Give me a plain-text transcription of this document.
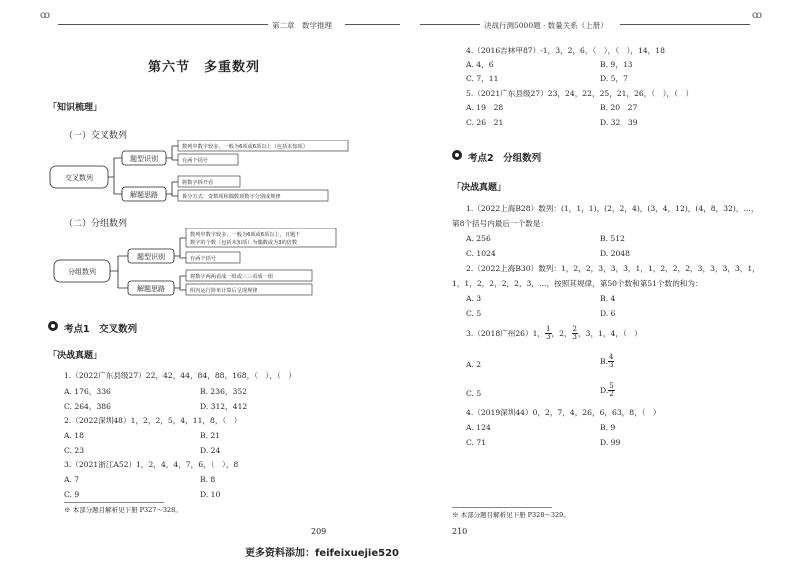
ꝏ
第二章　数学推理	决战行测5000题 · 数量关系（上册）
ꝏ
第六节　多重数列
「知识梳理」
（一）交叉数列
交叉数列
题型识别
解题思路
数列中数字较多，一般为6项或6项以上（包括未知项）
有两个括号
将数字拆开看
拆分方式：奇数项和偶数项数字分别成规律
（二）分组数列
分组数列
题型识别
解题思路
数列中数字较多，一般为6项或6项以上，且题干
数字的个数（包括未知项）为偶数或为3的倍数
有两个括号
将数字两两看成一组或三三看成一组
组内运行简单计算后呈现规律
考点1　交叉数列
「决战真题」
1.（2022广东县级27）22，42，44，84，88，168，（　），（　）
A. 176，336	B. 236，352
C. 264，386	D. 312，412
2.（2022深圳48）1，2，2，5，4，11，8，（　）
A. 18	B. 21
C. 23	D. 24
3.（2021浙江A52）1，2，4，4，7，6，（　），8
A. 7	B. 8
C. 9	D. 10
※ 本部分题目解析见下册 P327～328。
209
更多资料添加：feifeixuejie520
4.（2016吉林甲87）-1，3，2，6，（　），（　），14，18
A. 4，6	B. 9，13
C. 7，11	D. 5，7
5.（2021广东县级27）23，24，22，25，21，26，（　），（　）
A. 19　28	B. 20　27
C. 26　21	D. 32　39
考点2　分组数列
「决战真题」
1.（2022上海B28）数列：(1，1，1)，(2，2，4)，(3，4，12)，(4，8，32)，…，
第8个括号内最后一个数是：
A. 256	B. 512
C. 1024	D. 2048
2.（2022上海B30）数列：1，2，2，3，3，3，1，1，2，2，2，3，3，3，3，1，
1，1，2，2，2，2，3，…，按照其规律，第50个数和第51个数的和为：
A. 3	B. 4
C. 5	D. 6
3.（2018广州26）1， $\frac{1}{3}$ ，2， $\frac{2}{3}$ ，3，1，4，（　）
A. 2	B. $\frac{4}{3}$
C. 5	D. $\frac{5}{2}$
4.（2019深圳44）0，2，7，4，26，6，63，8，（　）
A. 124	B. 9
C. 71	D. 99
※ 本部分题目解析见下册 P328～329。
210
